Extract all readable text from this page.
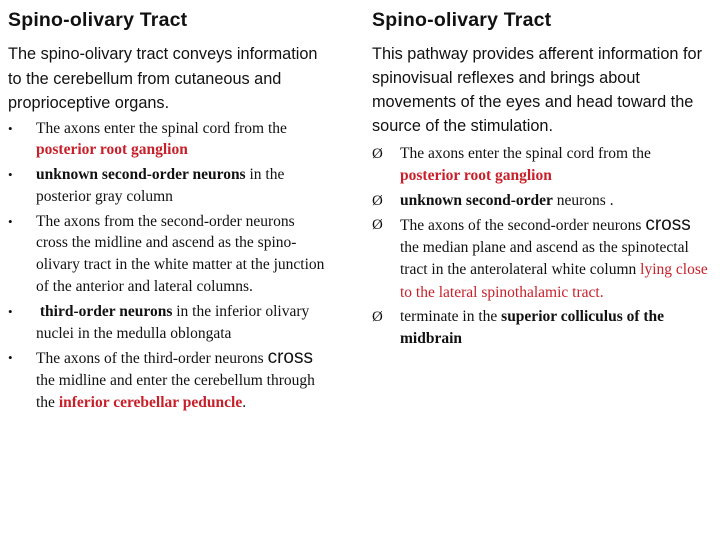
Spino-olivary Tract
The spino-olivary tract conveys information to the cerebellum from cutaneous and proprioceptive organs.
• The axons enter the spinal cord from the posterior root ganglion
• unknown second-order neurons in the posterior gray column
• The axons from the second-order neurons cross the midline and ascend as the spino-olivary tract in the white matter at the junction of the anterior and lateral columns.
• third-order neurons in the inferior olivary nuclei in the medulla oblongata
• The axons of the third-order neurons cross the midline and enter the cerebellum through the inferior cerebellar peduncle.
Spino-olivary Tract
This pathway provides afferent information for spinovisual reflexes and brings about movements of the eyes and head toward the source of the stimulation.
Ø The axons enter the spinal cord from the posterior root ganglion
Ø unknown second-order neurons .
Ø The axons of the second-order neurons cross the median plane and ascend as the spinotectal tract in the anterolateral white column lying close to the lateral spinothalamic tract.
Ø terminate in the superior colliculus of the midbrain
